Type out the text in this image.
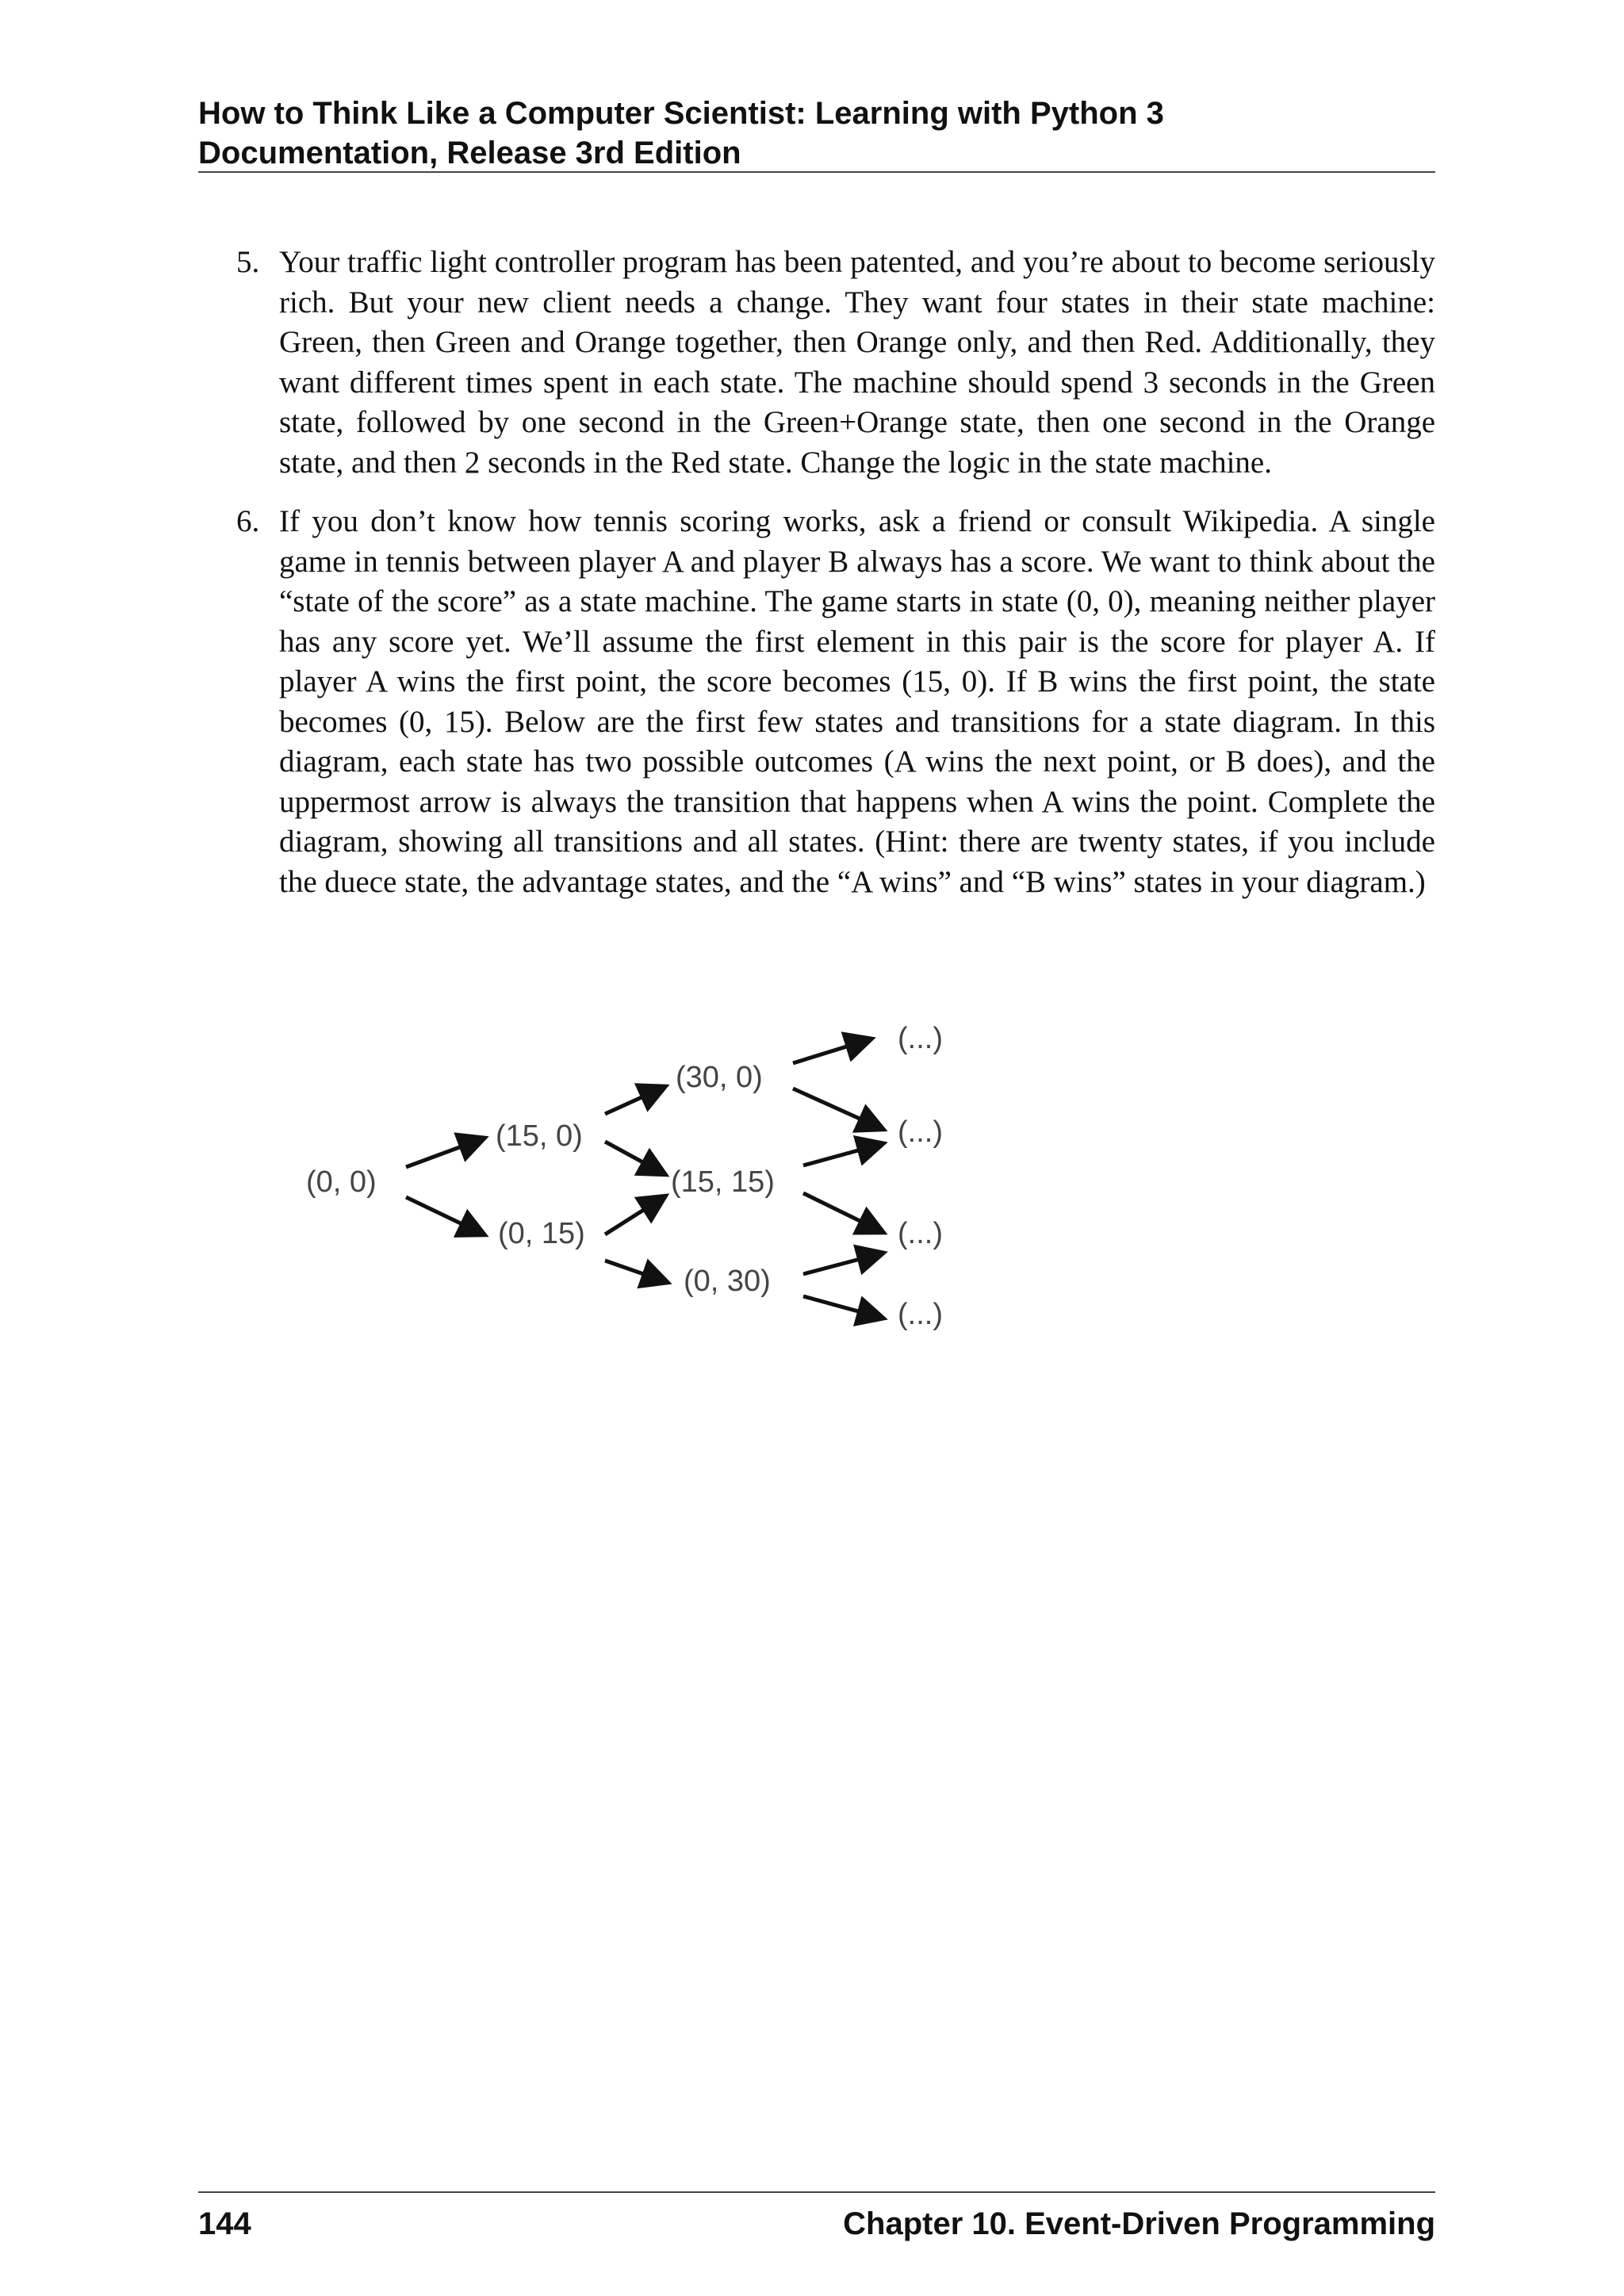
How to Think Like a Computer Scientist: Learning with Python 3
Documentation, Release 3rd Edition
5. Your traffic light controller program has been patented, and you’re about to become seriously rich. But your new client needs a change. They want four states in their state machine: Green, then Green and Orange together, then Orange only, and then Red. Additionally, they want different times spent in each state. The machine should spend 3 seconds in the Green state, followed by one second in the Green+Orange state, then one second in the Orange state, and then 2 seconds in the Red state. Change the logic in the state machine.
6. If you don’t know how tennis scoring works, ask a friend or consult Wikipedia. A single game in tennis between player A and player B always has a score. We want to think about the “state of the score” as a state machine. The game starts in state (0, 0), meaning neither player has any score yet. We’ll assume the first element in this pair is the score for player A. If player A wins the first point, the score becomes (15, 0). If B wins the first point, the state becomes (0, 15). Below are the first few states and transitions for a state diagram. In this diagram, each state has two possible outcomes (A wins the next point, or B does), and the uppermost arrow is always the transition that happens when A wins the point. Complete the diagram, showing all transitions and all states. (Hint: there are twenty states, if you include the duece state, the advantage states, and the “A wins” and “B wins” states in your diagram.)
(0, 0)
(15, 0)
(0, 15)
(30, 0)
(15, 15)
(0, 30)
(...)
(...)
(...)
(...)
144	Chapter 10. Event-Driven Programming
